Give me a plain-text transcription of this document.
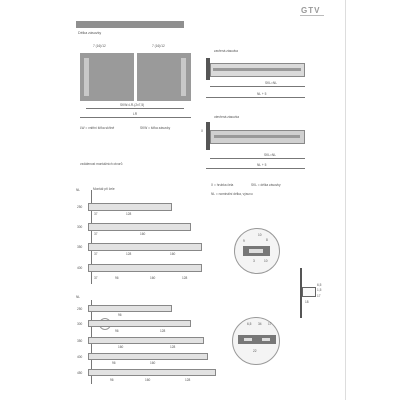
GTV
Délka zásuvky
7 (16)/12	7 (16)/12
SKW=LR-(2x7,5)
LR
LW = vnitřní šířka skříně	SKW = šířka zásuvky
zavřená zásuvka
SKL=NL
NL + 5
otevřená zásuvka
X
SKL=NL
NL + 5
X = hrubka čela	SKL = délka zásuvky
NL = nominální délka, výsuvu
vzdálenost montážních otvorů
NL	Montáž při čele
250
300
350
400
37	128
37	160
37	128	160
37	96	160	128
10
8
9
3	10
6,5
1,5
17
18
NL
250
300
350
400
450
96
96	128
160	128
96	160
96	160	128
6,5 34 17
22
